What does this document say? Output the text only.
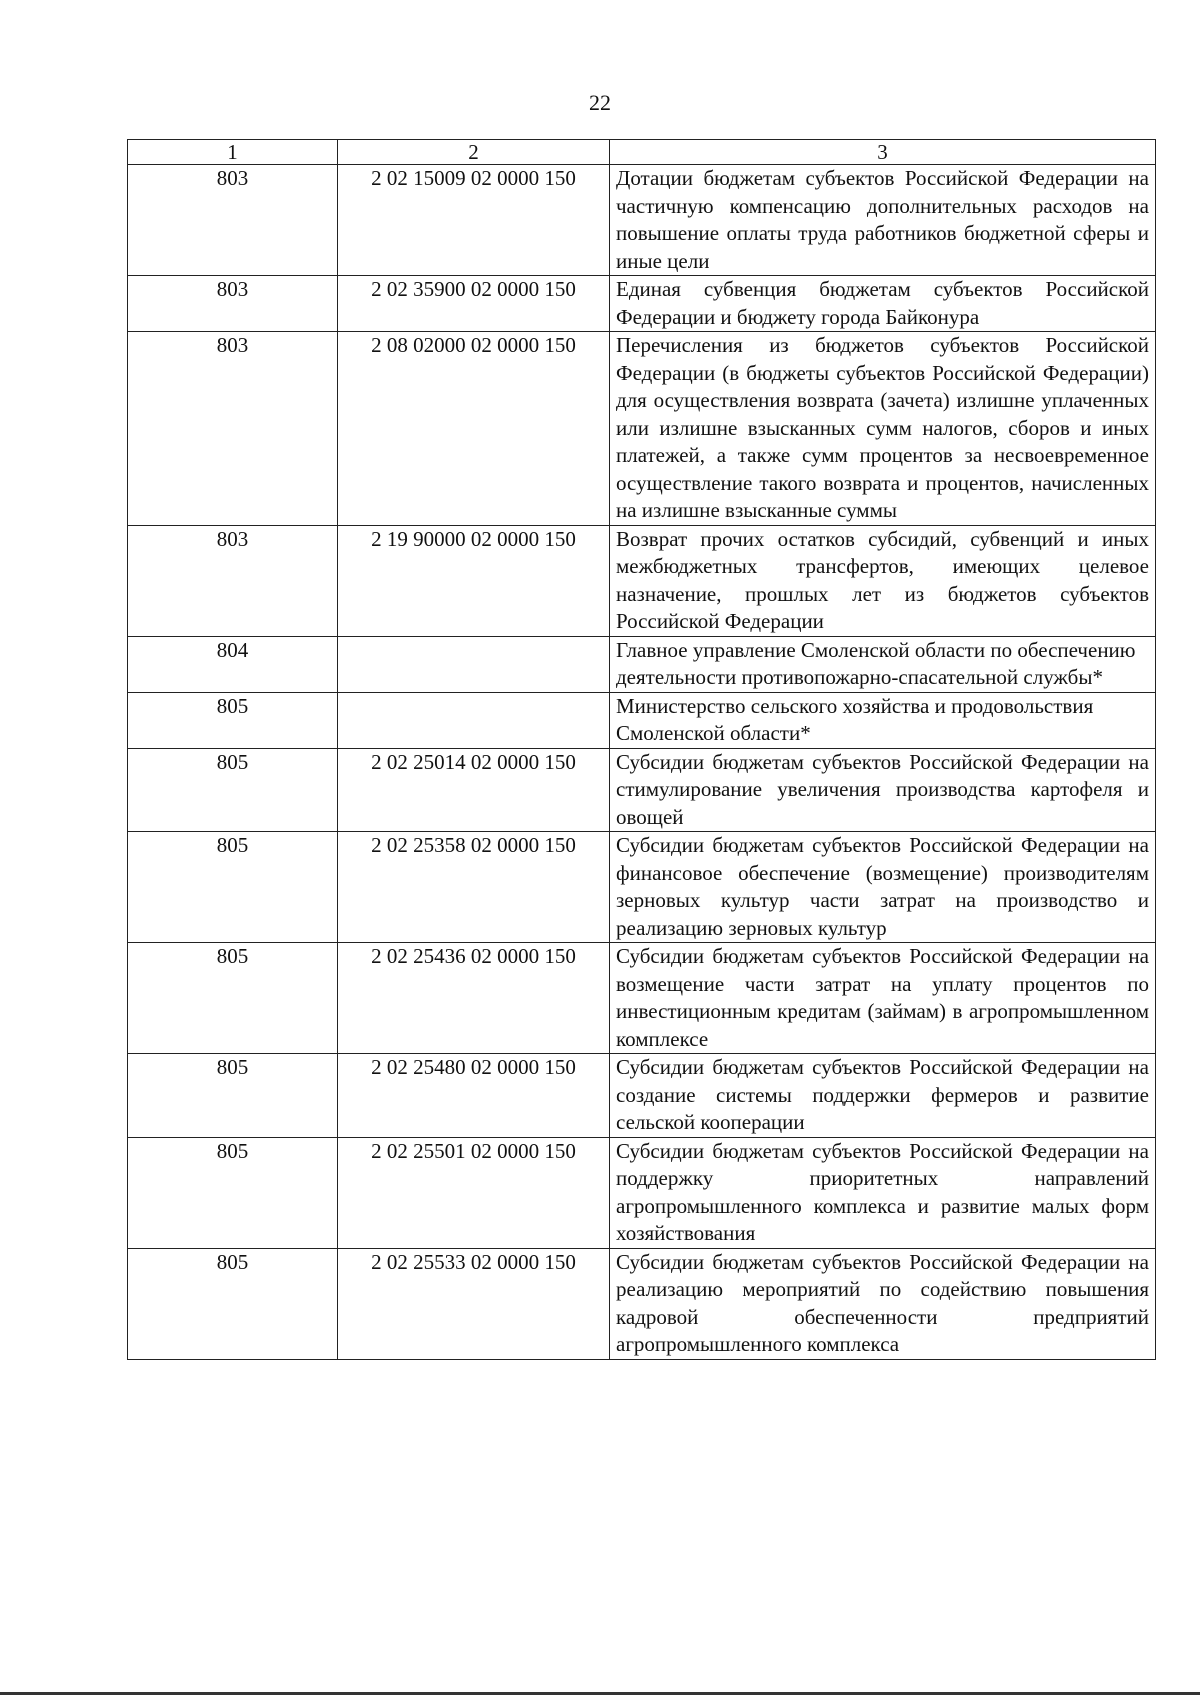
22
1	2	3
803	2 02 15009 02 0000 150	Дотации бюджетам субъектов Российской Федерации на частичную компенсацию дополнительных расходов на повышение оплаты труда работников бюджетной сферы и иные цели
803	2 02 35900 02 0000 150	Единая субвенция бюджетам субъектов Российской Федерации и бюджету города Байконура
803	2 08 02000 02 0000 150	Перечисления из бюджетов субъектов Российской Федерации (в бюджеты субъектов Российской Федерации) для осуществления возврата (зачета) излишне уплаченных или излишне взысканных сумм налогов, сборов и иных платежей, а также сумм процентов за несвоевременное осуществление такого возврата и процентов, начисленных на излишне взысканные суммы
803	2 19 90000 02 0000 150	Возврат прочих остатков субсидий, субвенций и иных межбюджетных трансфертов, имеющих целевое назначение, прошлых лет из бюджетов субъектов Российской Федерации
804		Главное управление Смоленской области по обеспечению деятельности противопожарно-спасательной службы*
805		Министерство сельского хозяйства и продовольствия Смоленской области*
805	2 02 25014 02 0000 150	Субсидии бюджетам субъектов Российской Федерации на стимулирование увеличения производства картофеля и овощей
805	2 02 25358 02 0000 150	Субсидии бюджетам субъектов Российской Федерации на финансовое обеспечение (возмещение) производителям зерновых культур части затрат на производство и реализацию зерновых культур
805	2 02 25436 02 0000 150	Субсидии бюджетам субъектов Российской Федерации на возмещение части затрат на уплату процентов по инвестиционным кредитам (займам) в агропромышленном комплексе
805	2 02 25480 02 0000 150	Субсидии бюджетам субъектов Российской Федерации на создание системы поддержки фермеров и развитие сельской кооперации
805	2 02 25501 02 0000 150	Субсидии бюджетам субъектов Российской Федерации на поддержку приоритетных направлений агропромышленного комплекса и развитие малых форм хозяйствования
805	2 02 25533 02 0000 150	Субсидии бюджетам субъектов Российской Федерации на реализацию мероприятий по содействию повышения кадровой обеспеченности предприятий агропромышленного комплекса
